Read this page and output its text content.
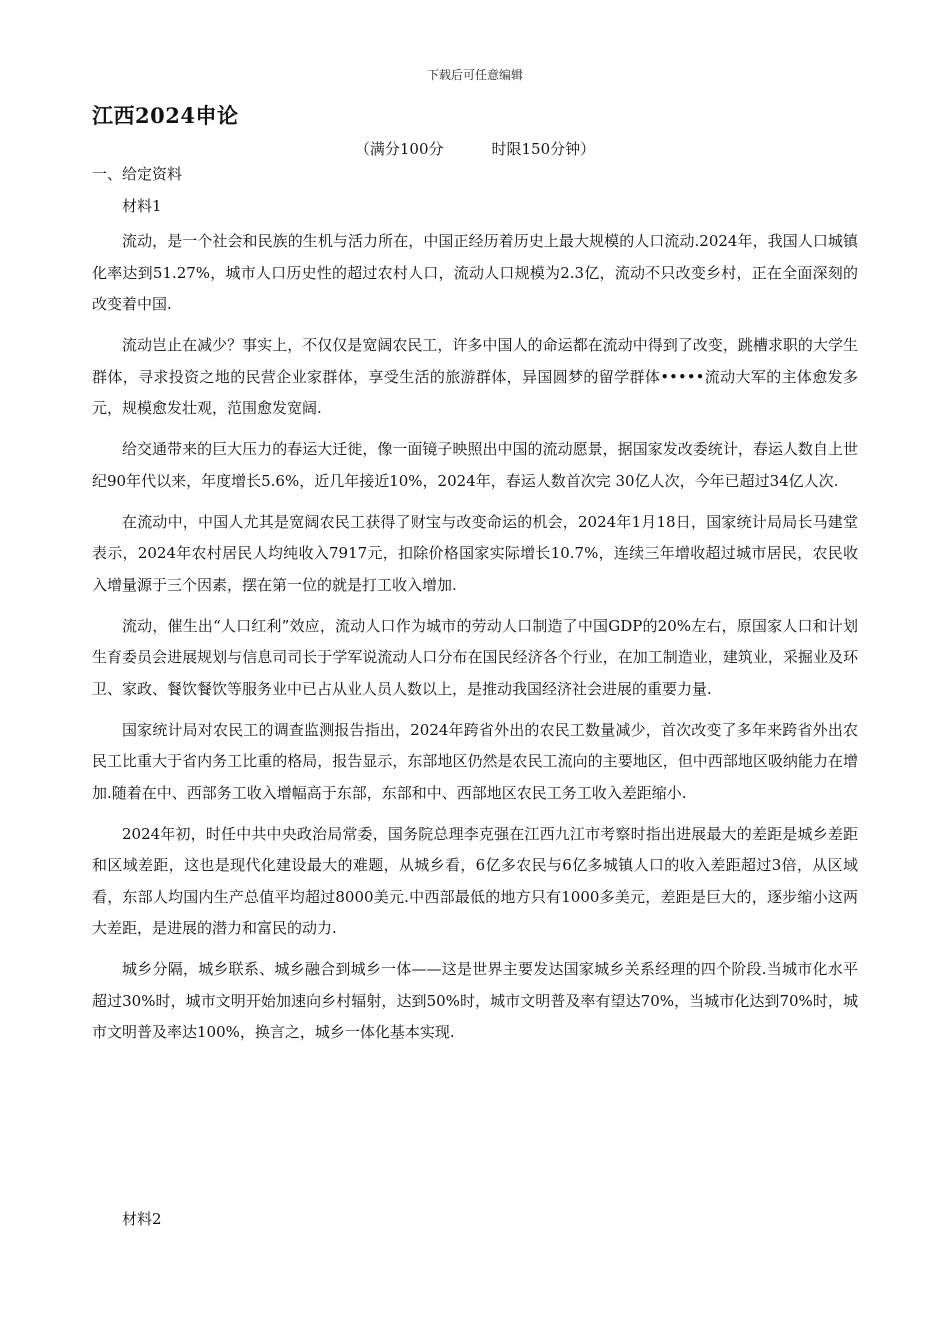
下载后可任意编辑
江西2024申论
（满分100分	时限150分钟）
一、给定资料
材料1

流动，是一个社会和民族的生机与活力所在，中国正经历着历史上最大规模的人口流动.2024年，我国人口城镇化率达到51.27%，城市人口历史性的超过农村人口，流动人口规模为2.3亿，流动不只改变乡村，正在全面深刻的改变着中国.

流动岂止在减少？事实上，不仅仅是宽阔农民工，许多中国人的命运都在流动中得到了改变，跳槽求职的大学生群体，寻求投资之地的民营企业家群体，享受生活的旅游群体，异国圆梦的留学群体•••••流动大军的主体愈发多元，规模愈发壮观，范围愈发宽阔.

给交通带来的巨大压力的春运大迁徙，像一面镜子映照出中国的流动愿景，据国家发改委统计，春运人数自上世纪90年代以来，年度增长5.6%，近几年接近10%，2024年，春运人数首次完 30亿人次，今年已超过34亿人次.

在流动中，中国人尤其是宽阔农民工获得了财宝与改变命运的机会，2024年1月18日，国家统计局局长马建堂表示，2024年农村居民人均纯收入7917元，扣除价格国家实际增长10.7%，连续三年增收超过城市居民，农民收入增量源于三个因素，摆在第一位的就是打工收入增加.

流动，催生出“人口红利”效应，流动人口作为城市的劳动人口制造了中国GDP的20%左右，原国家人口和计划生育委员会进展规划与信息司司长于学军说流动人口分布在国民经济各个行业，在加工制造业，建筑业，采掘业及环卫、家政、餐饮餐饮等服务业中已占从业人员人数以上，是推动我国经济社会进展的重要力量.

国家统计局对农民工的调查监测报告指出，2024年跨省外出的农民工数量减少，首次改变了多年来跨省外出农民工比重大于省内务工比重的格局，报告显示，东部地区仍然是农民工流向的主要地区，但中西部地区吸纳能力在增加.随着在中、西部务工收入增幅高于东部，东部和中、西部地区农民工务工收入差距缩小.

2024年初，时任中共中央政治局常委，国务院总理李克强在江西九江市考察时指出进展最大的差距是城乡差距和区域差距，这也是现代化建设最大的难题，从城乡看，6亿多农民与6亿多城镇人口的收入差距超过3倍，从区域看，东部人均国内生产总值平均超过8000美元.中西部最低的地方只有1000多美元，差距是巨大的，逐步缩小这两大差距，是进展的潜力和富民的动力.

城乡分隔，城乡联系、城乡融合到城乡一体——这是世界主要发达国家城乡关系经理的四个阶段.当城市化水平超过30%时，城市文明开始加速向乡村辐射，达到50%时，城市文明普及率有望达70%，当城市化达到70%时，城市文明普及率达100%，换言之，城乡一体化基本实现.

材料2
